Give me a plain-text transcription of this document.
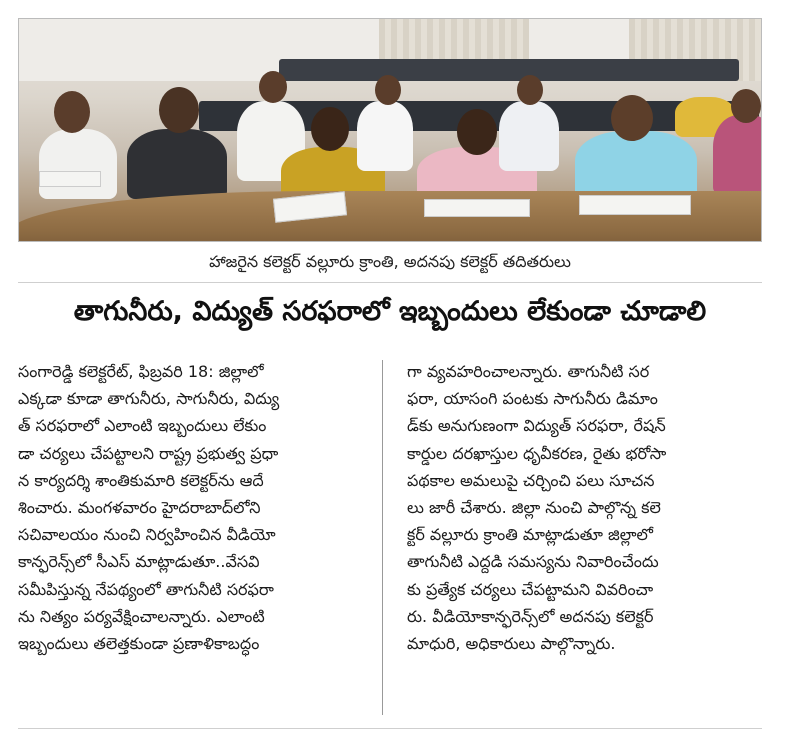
హాజరైన కలెక్టర్ వల్లూరు క్రాంతి, అదనపు కలెక్టర్ తదితరులు
తాగునీరు, విద్యుత్ సరఫరాలో ఇబ్బందులు లేకుండా చూడాలి
సంగారెడ్డి కలెక్టరేట్, ఫిబ్రవరి 18: జిల్లాలో
ఎక్కడా కూడా తాగునీరు, సాగునీరు, విద్యు
త్ సరఫరాలో ఎలాంటి ఇబ్బందులు లేకుం
డా చర్యలు చేపట్టాలని రాష్ట్ర ప్రభుత్వ ప్రధా
న కార్యదర్శి శాంతికుమారి కలెక్టర్‌ను ఆదే
శించారు. మంగళవారం హైదరాబాద్‌లోని
సచివాలయం నుంచి నిర్వహించిన వీడియో
కాన్ఫరెన్స్‌లో సీఎస్ మాట్లాడుతూ..వేసవి
సమీపిస్తున్న నేపథ్యంలో తాగునీటి సరఫరా
ను నిత్యం పర్యవేక్షించాలన్నారు. ఎలాంటి
ఇబ్బందులు తలెత్తకుండా ప్రణాళికాబద్ధం
గా వ్యవహరించాలన్నారు. తాగునీటి సర
ఫరా, యాసంగి పంటకు సాగునీరు డిమాం
డ్‌కు అనుగుణంగా విద్యుత్ సరఫరా, రేషన్
కార్డుల దరఖాస్తుల ధృవీకరణ, రైతు భరోసా
పథకాల అమలుపై చర్చించి పలు సూచన
లు జారీ చేశారు. జిల్లా నుంచి పాల్గొన్న కలె
క్టర్ వల్లూరు క్రాంతి మాట్లాడుతూ జిల్లాలో
తాగునీటి ఎద్దడి సమస్యను నివారించేందు
కు ప్రత్యేక చర్యలు చేపట్టామని వివరించా
రు. వీడియోకాన్ఫరెన్స్‌లో అదనపు కలెక్టర్
మాధురి, అధికారులు పాల్గొన్నారు.
